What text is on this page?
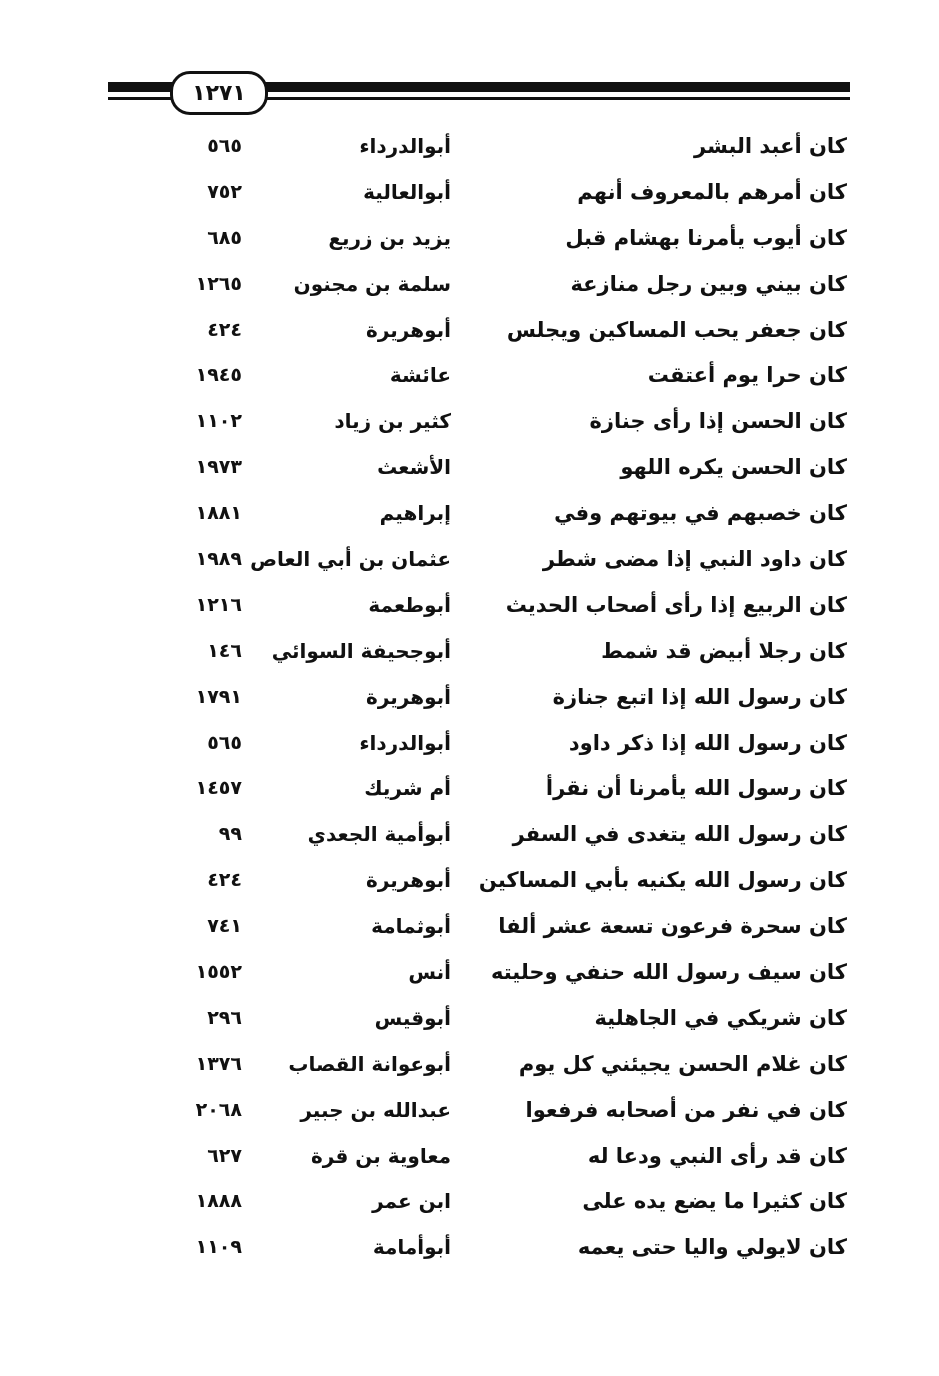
١٢٧١
كان أعبد البشر
أبوالدرداء
٥٦٥
كان أمرهم بالمعروف أنهم
أبوالعالية
٧٥٢
كان أيوب يأمرنا بهشام قبل
يزيد بن زريع
٦٨٥
كان بيني وبين رجل منازعة
سلمة بن مجنون
١٢٦٥
كان جعفر يحب المساكين ويجلس
أبوهريرة
٤٢٤
كان حرا يوم أعتقت
عائشة
١٩٤٥
كان الحسن إذا رأى جنازة
كثير بن زياد
١١٠٢
كان الحسن يكره اللهو
الأشعث
١٩٧٣
كان خصبهم في بيوتهم وفي
إبراهيم
١٨٨١
كان داود النبي إذا مضى شطر
عثمان بن أبي العاص
١٩٨٩
كان الربيع إذا رأى أصحاب الحديث
أبوطعمة
١٢١٦
كان رجلا أبيض قد شمط
أبوجحيفة السوائي
١٤٦
كان رسول الله إذا اتبع جنازة
أبوهريرة
١٧٩١
كان رسول الله إذا ذكر داود
أبوالدرداء
٥٦٥
كان رسول الله يأمرنا أن نقرأ
أم شريك
١٤٥٧
كان رسول الله يتغدى في السفر
أبوأمية الجعدي
٩٩
كان رسول الله يكنيه بأبي المساكين
أبوهريرة
٤٢٤
كان سحرة فرعون تسعة عشر ألفا
أبوثمامة
٧٤١
كان سيف رسول الله حنفي وحليته
أنس
١٥٥٢
كان شريكي في الجاهلية
أبوقيس
٢٩٦
كان غلام الحسن يجيئني كل يوم
أبوعوانة القصاب
١٣٧٦
كان في نفر من أصحابه فرفعوا
عبدالله بن جبير
٢٠٦٨
كان قد رأى النبي ودعا له
معاوية بن قرة
٦٢٧
كان كثيرا ما يضع يده على
ابن عمر
١٨٨٨
كان لايولي واليا حتى يعمه
أبوأمامة
١١٠٩
